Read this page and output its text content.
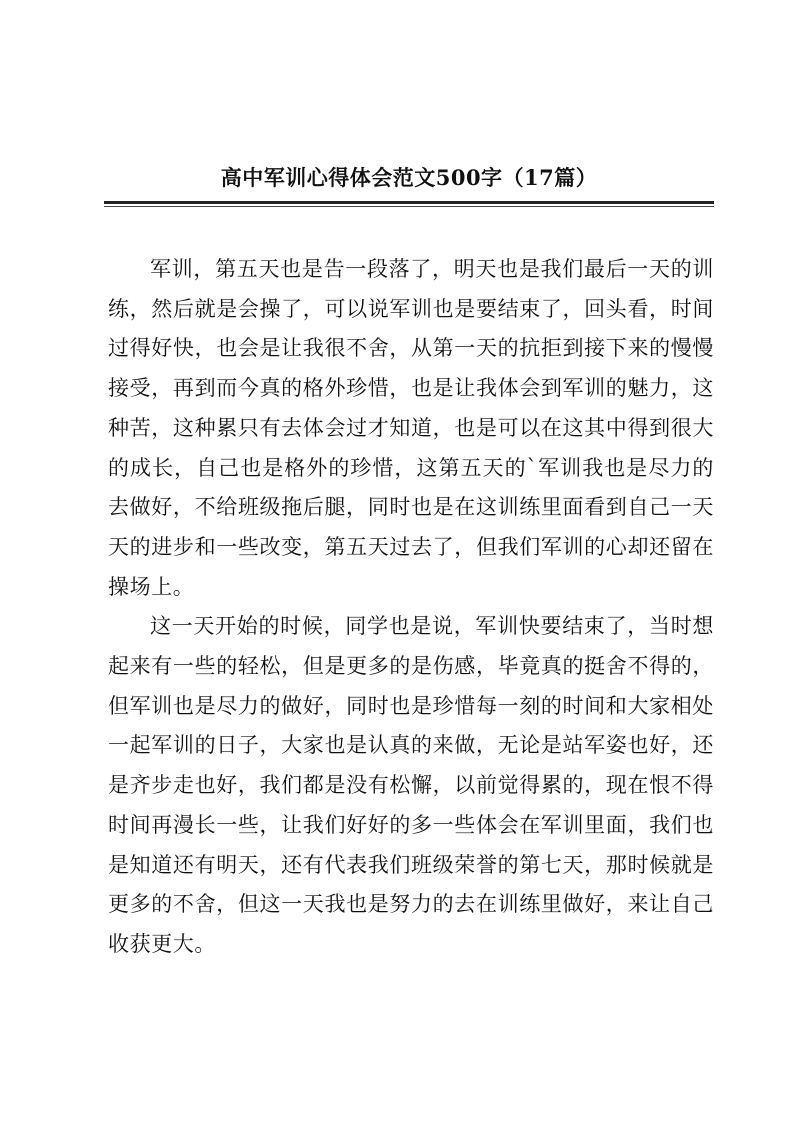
高中军训心得体会范文500字（17篇）

军训，第五天也是告一段落了，明天也是我们最后一天的训练，然后就是会操了，可以说军训也是要结束了，回头看，时间过得好快，也会是让我很不舍，从第一天的抗拒到接下来的慢慢接受，再到而今真的格外珍惜，也是让我体会到军训的魅力，这种苦，这种累只有去体会过才知道，也是可以在这其中得到很大的成长，自己也是格外的珍惜，这第五天的`军训我也是尽力的去做好，不给班级拖后腿，同时也是在这训练里面看到自己一天天的进步和一些改变，第五天过去了，但我们军训的心却还留在操场上。

这一天开始的时候，同学也是说，军训快要结束了，当时想起来有一些的轻松，但是更多的是伤感，毕竟真的挺舍不得的，但军训也是尽力的做好，同时也是珍惜每一刻的时间和大家相处一起军训的日子，大家也是认真的来做，无论是站军姿也好，还是齐步走也好，我们都是没有松懈，以前觉得累的，现在恨不得时间再漫长一些，让我们好好的多一些体会在军训里面，我们也是知道还有明天，还有代表我们班级荣誉的第七天，那时候就是更多的不舍，但这一天我也是努力的去在训练里做好，来让自己收获更大。
